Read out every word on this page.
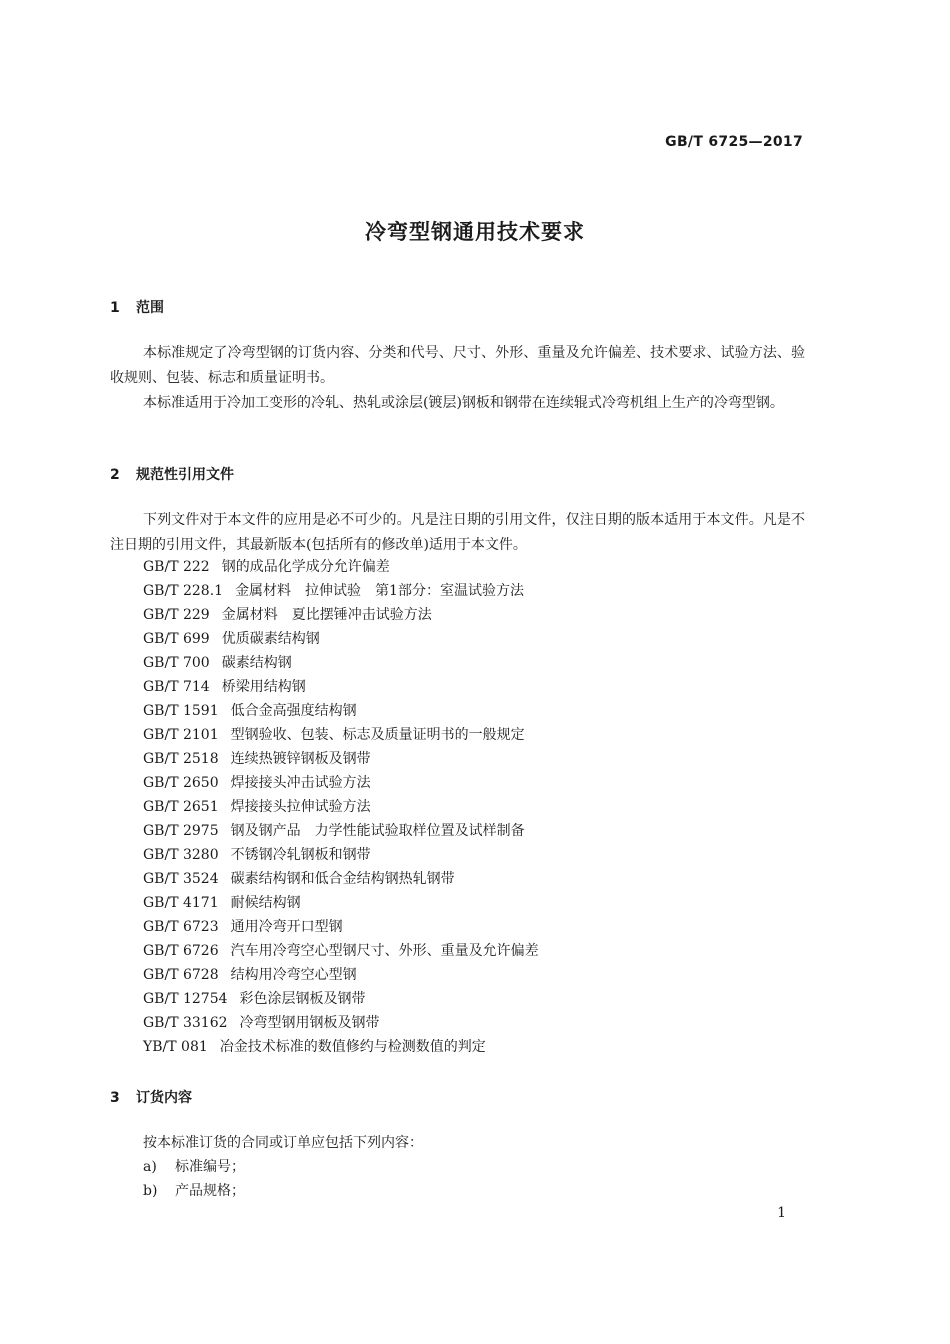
GB/T 6725—2017
冷弯型钢通用技术要求
1 范围
本标准规定了冷弯型钢的订货内容、分类和代号、尺寸、外形、重量及允许偏差、技术要求、试验方法、验收规则、包装、标志和质量证明书。
本标准适用于冷加工变形的冷轧、热轧或涂层(镀层)钢板和钢带在连续辊式冷弯机组上生产的冷弯型钢。
2 规范性引用文件
下列文件对于本文件的应用是必不可少的。凡是注日期的引用文件，仅注日期的版本适用于本文件。凡是不注日期的引用文件，其最新版本(包括所有的修改单)适用于本文件。
GB/T 222 钢的成品化学成分允许偏差
GB/T 228.1 金属材料　拉伸试验　第1部分：室温试验方法
GB/T 229 金属材料　夏比摆锤冲击试验方法
GB/T 699 优质碳素结构钢
GB/T 700 碳素结构钢
GB/T 714 桥梁用结构钢
GB/T 1591 低合金高强度结构钢
GB/T 2101 型钢验收、包装、标志及质量证明书的一般规定
GB/T 2518 连续热镀锌钢板及钢带
GB/T 2650 焊接接头冲击试验方法
GB/T 2651 焊接接头拉伸试验方法
GB/T 2975 钢及钢产品　力学性能试验取样位置及试样制备
GB/T 3280 不锈钢冷轧钢板和钢带
GB/T 3524 碳素结构钢和低合金结构钢热轧钢带
GB/T 4171 耐候结构钢
GB/T 6723 通用冷弯开口型钢
GB/T 6726 汽车用冷弯空心型钢尺寸、外形、重量及允许偏差
GB/T 6728 结构用冷弯空心型钢
GB/T 12754 彩色涂层钢板及钢带
GB/T 33162 冷弯型钢用钢板及钢带
YB/T 081 冶金技术标准的数值修约与检测数值的判定
3 订货内容
按本标准订货的合同或订单应包括下列内容：
a) 标准编号；
b) 产品规格；
1
